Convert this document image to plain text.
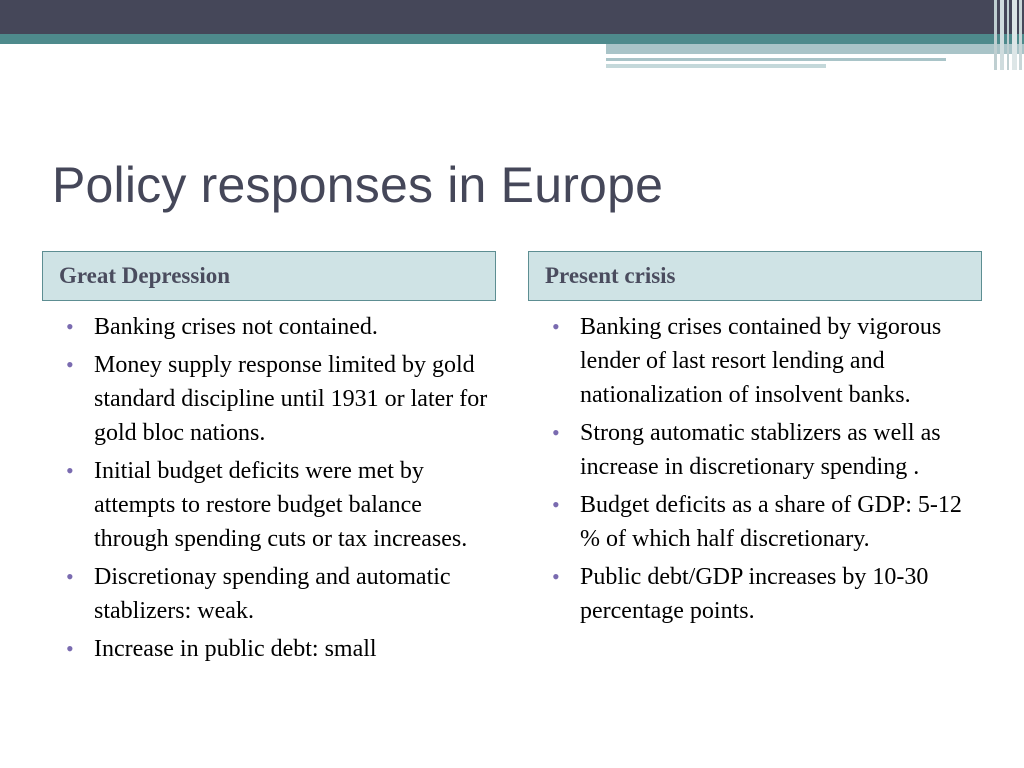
Policy responses in Europe
Great Depression	Present crisis
• Banking crises not contained.
• Money supply response limited by gold standard discipline until 1931 or later for gold bloc nations.
• Initial budget deficits were met by attempts to restore budget balance through spending cuts or tax increases.
• Discretionay spending and automatic stablizers: weak.
• Increase in public debt: small
• Banking crises contained by vigorous lender of last resort lending and nationalization of insolvent banks.
• Strong automatic stablizers as well as increase in discretionary spending .
• Budget deficits as a share of GDP: 5-12 % of which half discretionary.
• Public debt/GDP increases by 10-30 percentage points.
